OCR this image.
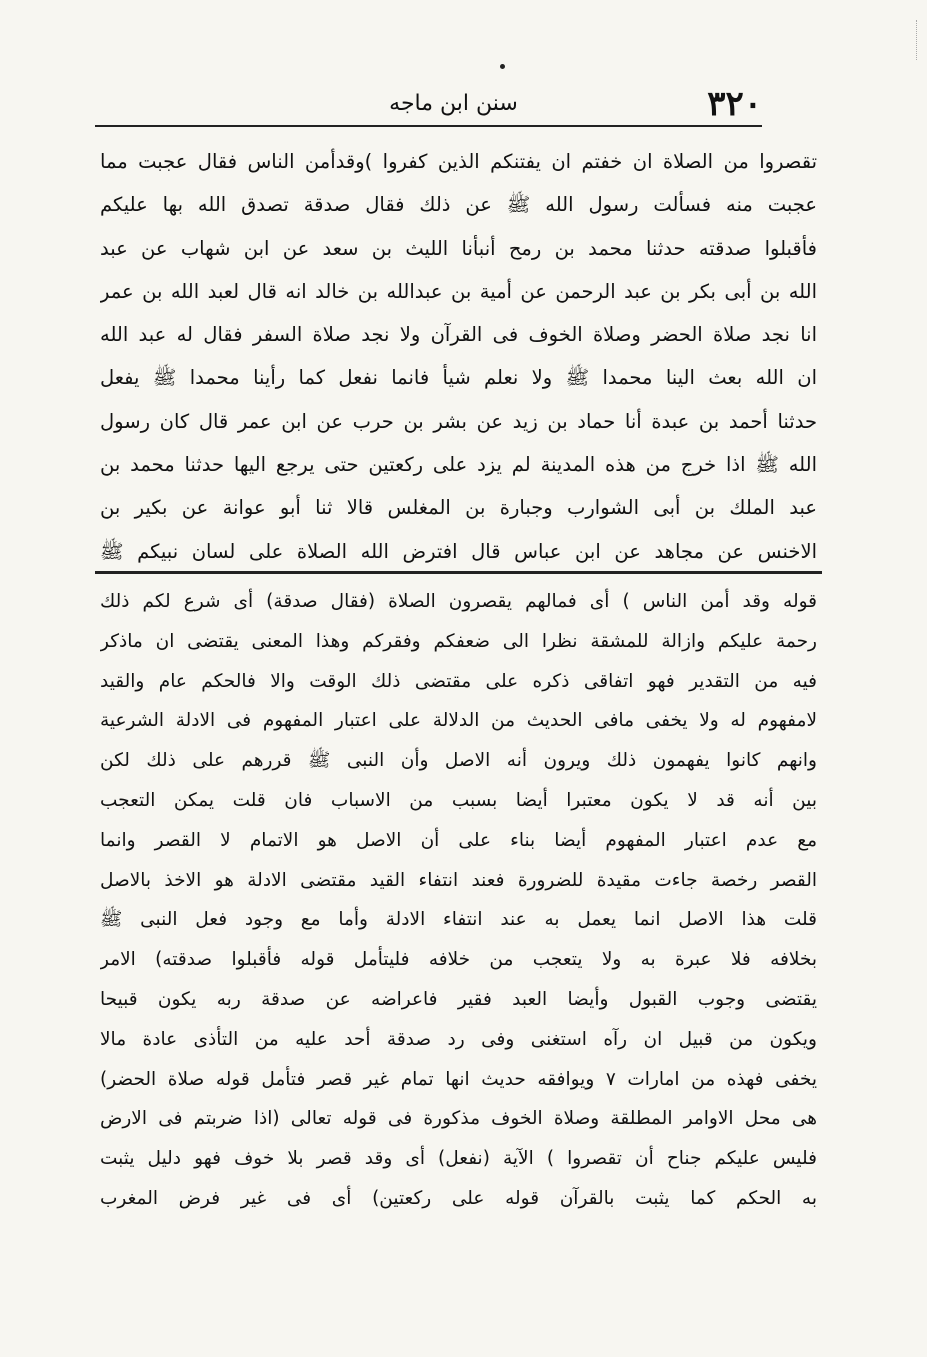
٣٢٠
سنن ابن ماجه
تقصروا من الصلاة ان خفتم ان يفتنكم الذين كفروا )وقدأمن الناس فقال عجبت مما
عجبت منه فسألت رسول الله ﷺ عن ذلك فقال صدقة تصدق الله بها عليكم
فأقبلوا صدقته حدثنا محمد بن رمح أنبأنا الليث بن سعد عن ابن شهاب عن عبد
الله بن أبى بكر بن عبد الرحمن عن أمية بن عبدالله بن خالد انه قال لعبد الله بن عمر
انا نجد صلاة الحضر وصلاة الخوف فى القرآن ولا نجد صلاة السفر فقال له عبد الله
ان الله بعث الينا محمدا ﷺ ولا نعلم شيأ فانما نفعل كما رأينا محمدا ﷺ يفعل
حدثنا أحمد بن عبدة أنا حماد بن زيد عن بشر بن حرب عن ابن عمر قال كان رسول
الله ﷺ اذا خرج من هذه المدينة لم يزد على ركعتين حتى يرجع اليها حدثنا محمد بن
عبد الملك بن أبى الشوارب وجبارة بن المغلس قالا ثنا أبو عوانة عن بكير بن
الاخنس عن مجاهد عن ابن عباس قال افترض الله الصلاة على لسان نبيكم ﷺ
قوله وقد أمن الناس ) أى فمالهم يقصرون الصلاة (فقال صدقة) أى شرع لكم ذلك
رحمة عليكم وازالة للمشقة نظرا الى ضعفكم وفقركم وهذا المعنى يقتضى ان ماذكر
فيه من التقدير فهو اتفاقى ذكره على مقتضى ذلك الوقت والا فالحكم عام والقيد
لامفهوم له ولا يخفى مافى الحديث من الدلالة على اعتبار المفهوم فى الادلة الشرعية
وانهم كانوا يفهمون ذلك ويرون أنه الاصل وأن النبى ﷺ قررهم على ذلك لكن
بين أنه قد لا يكون معتبرا أيضا بسبب من الاسباب فان قلت يمكن التعجب
مع عدم اعتبار المفهوم أيضا بناء على أن الاصل هو الاتمام لا القصر وانما
القصر رخصة جاءت مقيدة للضرورة فعند انتفاء القيد مقتضى الادلة هو الاخذ بالاصل
قلت هذا الاصل انما يعمل به عند انتفاء الادلة وأما مع وجود فعل النبى ﷺ
بخلافه فلا عبرة به ولا يتعجب من خلافه فليتأمل قوله فأقبلوا صدقته) الامر
يقتضى وجوب القبول وأيضا العبد فقير فاعراضه عن صدقة ربه يكون قبيحا
ويكون من قبيل ان رآه استغنى وفى رد صدقة أحد عليه من التأذى عادة مالا
يخفى فهذه من امارات ٧ ويوافقه حديث انها تمام غير قصر فتأمل قوله صلاة الحضر)
هى محل الاوامر المطلقة وصلاة الخوف مذكورة فى قوله تعالى (اذا ضربتم فى الارض
فليس عليكم جناح أن تقصروا ) الآية (نفعل) أى وقد قصر بلا خوف فهو دليل يثبت
به الحكم كما يثبت بالقرآن قوله على ركعتين) أى فى غير فرض المغرب
